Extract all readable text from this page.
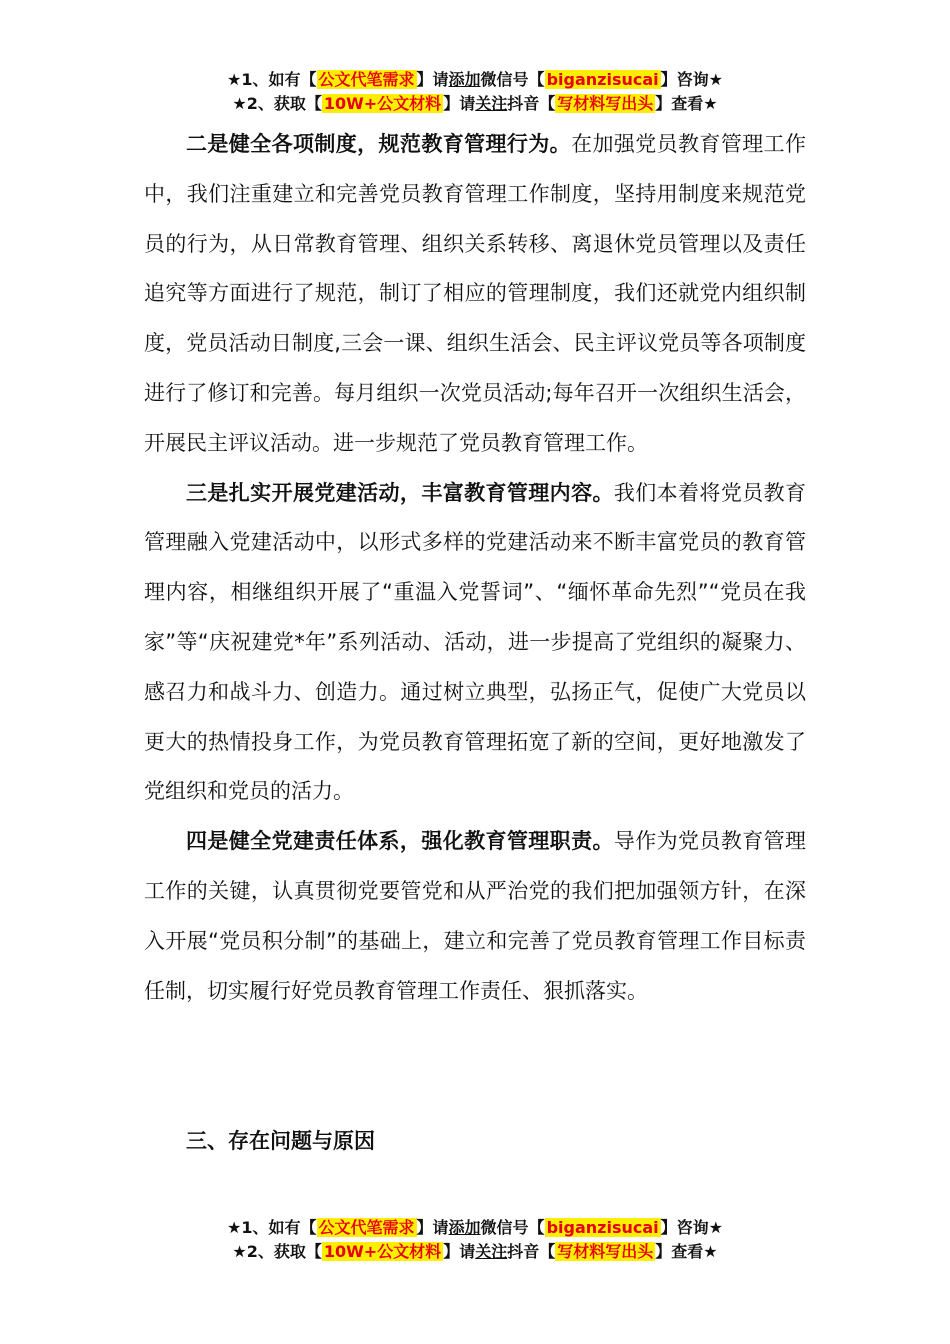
★1、如有【 公文代笔需求 】请添加微信号【 biganzisucai 】咨询★
★2、获取【 10W+公文材料 】请关注抖音【 写材料写出头 】查看★

二是健全各项制度，规范教育管理行为。在加强党员教育管理工作中，我们注重建立和完善党员教育管理工作制度，坚持用制度来规范党员的行为，从日常教育管理、组织关系转移、离退休党员管理以及责任追究等方面进行了规范，制订了相应的管理制度，我们还就党内组织制度，党员活动日制度,三会一课、组织生活会、民主评议党员等各项制度进行了修订和完善。每月组织一次党员活动;每年召开一次组织生活会，开展民主评议活动。进一步规范了党员教育管理工作。

三是扎实开展党建活动，丰富教育管理内容。我们本着将党员教育管理融入党建活动中，以形式多样的党建活动来不断丰富党员的教育管理内容，相继组织开展了“重温入党誓词”、“缅怀革命先烈”“党员在我家”等“庆祝建党*年”系列活动、活动，进一步提高了党组织的凝聚力、感召力和战斗力、创造力。通过树立典型，弘扬正气，促使广大党员以更大的热情投身工作，为党员教育管理拓宽了新的空间，更好地激发了党组织和党员的活力。

四是健全党建责任体系，强化教育管理职责。导作为党员教育管理工作的关键，认真贯彻党要管党和从严治党的我们把加强领方针，在深入开展“党员积分制”的基础上，建立和完善了党员教育管理工作目标责任制，切实履行好党员教育管理工作责任、狠抓落实。

三、存在问题与原因
★1、如有【 公文代笔需求 】请添加微信号【 biganzisucai 】咨询★
★2、获取【 10W+公文材料 】请关注抖音【 写材料写出头 】查看★
